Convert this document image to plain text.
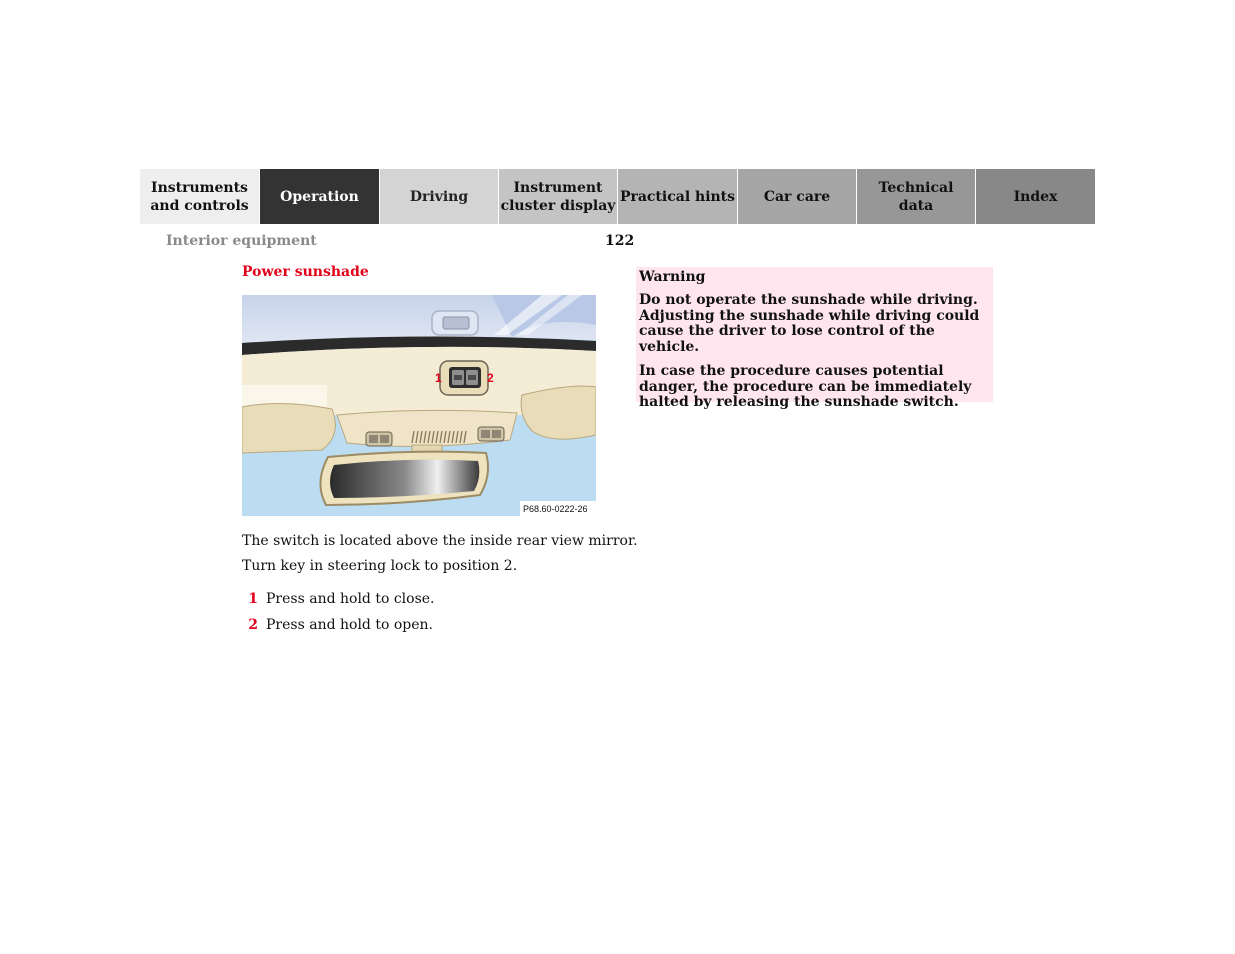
Instruments
and controls
Operation	Driving
Instrument
cluster display
Practical hints	Car care
Technical
data
Index
Interior equipment	122
Power sunshade
1	2
P68.60-0222-26
The switch is located above the inside rear view mirror.
Turn key in steering lock to position 2.
1 Press and hold to close.
2 Press and hold to open.
Warning

Do not operate the sunshade while driving. Adjusting the sunshade while driving could cause the driver to lose control of the vehicle.

In case the procedure causes potential danger, the procedure can be immediately halted by releasing the sunshade switch.
